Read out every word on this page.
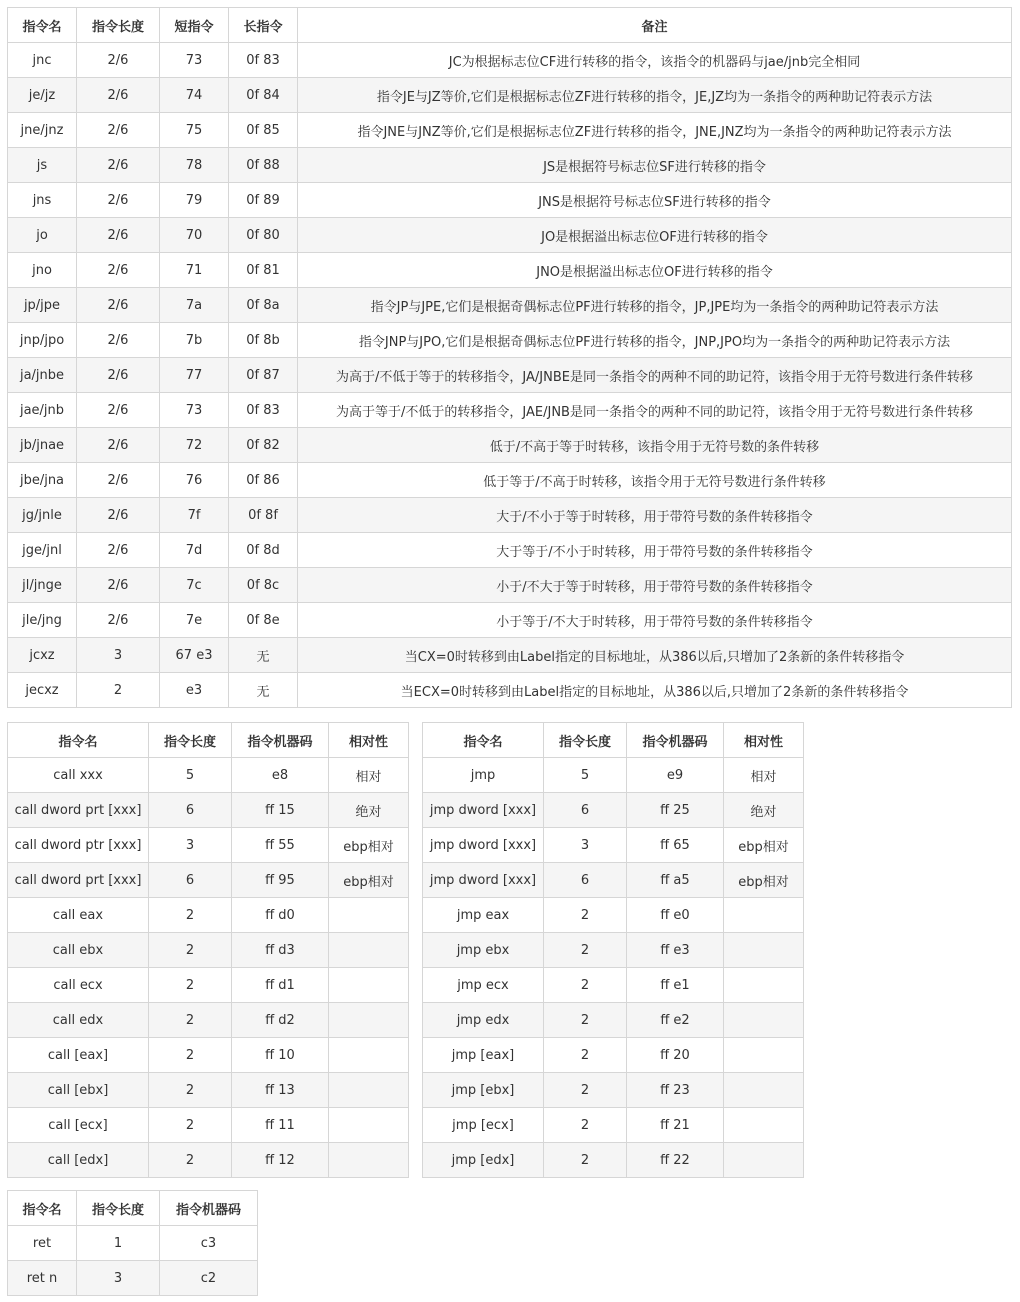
指令名	指令长度	短指令	长指令	备注
jnc	2/6	73	0f 83	JC为根据标志位CF进行转移的指令，该指令的机器码与jae/jnb完全相同
je/jz	2/6	74	0f 84	指令JE与JZ等价,它们是根据标志位ZF进行转移的指令，JE,JZ均为一条指令的两种助记符表示方法
jne/jnz	2/6	75	0f 85	指令JNE与JNZ等价,它们是根据标志位ZF进行转移的指令，JNE,JNZ均为一条指令的两种助记符表示方法
js	2/6	78	0f 88	JS是根据符号标志位SF进行转移的指令
jns	2/6	79	0f 89	JNS是根据符号标志位SF进行转移的指令
jo	2/6	70	0f 80	JO是根据溢出标志位OF进行转移的指令
jno	2/6	71	0f 81	JNO是根据溢出标志位OF进行转移的指令
jp/jpe	2/6	7a	0f 8a	指令JP与JPE,它们是根据奇偶标志位PF进行转移的指令，JP,JPE均为一条指令的两种助记符表示方法
jnp/jpo	2/6	7b	0f 8b	指令JNP与JPO,它们是根据奇偶标志位PF进行转移的指令，JNP,JPO均为一条指令的两种助记符表示方法
ja/jnbe	2/6	77	0f 87	为高于/不低于等于的转移指令，JA/JNBE是同一条指令的两种不同的助记符，该指令用于无符号数进行条件转移
jae/jnb	2/6	73	0f 83	为高于等于/不低于的转移指令，JAE/JNB是同一条指令的两种不同的助记符，该指令用于无符号数进行条件转移
jb/jnae	2/6	72	0f 82	低于/不高于等于时转移，该指令用于无符号数的条件转移
jbe/jna	2/6	76	0f 86	低于等于/不高于时转移，该指令用于无符号数进行条件转移
jg/jnle	2/6	7f	0f 8f	大于/不小于等于时转移，用于带符号数的条件转移指令
jge/jnl	2/6	7d	0f 8d	大于等于/不小于时转移，用于带符号数的条件转移指令
jl/jnge	2/6	7c	0f 8c	小于/不大于等于时转移，用于带符号数的条件转移指令
jle/jng	2/6	7e	0f 8e	小于等于/不大于时转移，用于带符号数的条件转移指令
jcxz	3	67 e3	无	当CX=0时转移到由Label指定的目标地址，从386以后,只增加了2条新的条件转移指令
jecxz	2	e3	无	当ECX=0时转移到由Label指定的目标地址，从386以后,只增加了2条新的条件转移指令
指令名	指令长度	指令机器码	相对性
call xxx	5	e8	相对
call dword prt [xxx]	6	ff 15	绝对
call dword ptr [xxx]	3	ff 55	ebp相对
call dword prt [xxx]	6	ff 95	ebp相对
call eax	2	ff d0	
call ebx	2	ff d3	
call ecx	2	ff d1	
call edx	2	ff d2	
call [eax]	2	ff 10	
call [ebx]	2	ff 13	
call [ecx]	2	ff 11	
call [edx]	2	ff 12	
指令名	指令长度	指令机器码	相对性
jmp	5	e9	相对
jmp dword [xxx]	6	ff 25	绝对
jmp dword [xxx]	3	ff 65	ebp相对
jmp dword [xxx]	6	ff a5	ebp相对
jmp eax	2	ff e0	
jmp ebx	2	ff e3	
jmp ecx	2	ff e1	
jmp edx	2	ff e2	
jmp [eax]	2	ff 20	
jmp [ebx]	2	ff 23	
jmp [ecx]	2	ff 21	
jmp [edx]	2	ff 22	
指令名	指令长度	指令机器码
ret	1	c3
ret n	3	c2
